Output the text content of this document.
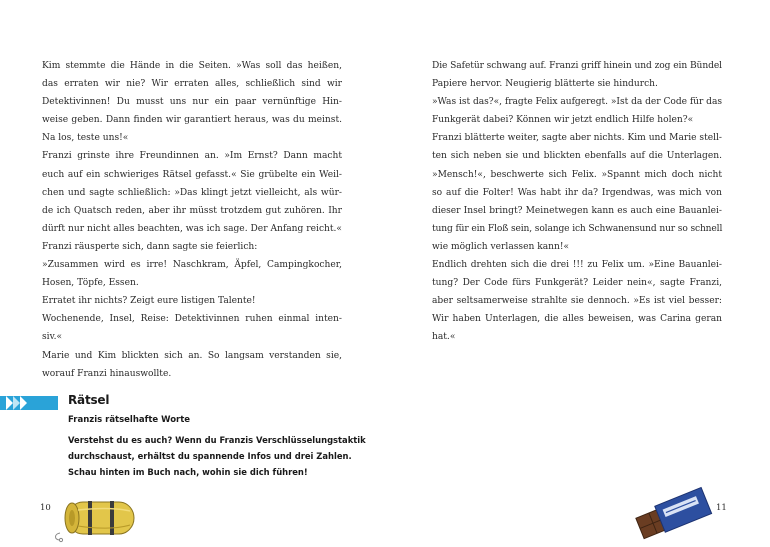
Kim stemmte die Hände in die Seiten. »Was soll das heißen,
das erraten wir nie? Wir erraten alles, schließlich sind wir
Detektivinnen! Du musst uns nur ein paar vernünftige Hin-
weise geben. Dann finden wir garantiert heraus, was du meinst.
Na los, teste uns!«
Franzi grinste ihre Freundinnen an. »Im Ernst? Dann macht
euch auf ein schwieriges Rätsel gefasst.« Sie grübelte ein Weil-
chen und sagte schließlich: »Das klingt jetzt vielleicht, als wür-
de ich Quatsch reden, aber ihr müsst trotzdem gut zuhören. Ihr
dürft nur nicht alles beachten, was ich sage. Der Anfang reicht.«
Franzi räusperte sich, dann sagte sie feierlich:
»Zusammen wird es irre! Naschkram, Äpfel, Campingkocher,
Hosen, Töpfe, Essen.
Erratet ihr nichts? Zeigt eure listigen Talente!
Wochenende, Insel, Reise: Detektivinnen ruhen einmal inten-
siv.«
Marie und Kim blickten sich an. So langsam verstanden sie,
worauf Franzi hinauswollte.
Rätsel
Franzis rätselhafte Worte
Verstehst du es auch? Wenn du Franzis Verschlüsselungstaktik
durchschaust, erhältst du spannende Infos und drei Zahlen.
Schau hinten im Buch nach, wohin sie dich führen!
10
Die Safetür schwang auf. Franzi griff hinein und zog ein Bündel
Papiere hervor. Neugierig blätterte sie hindurch.
»Was ist das?«, fragte Felix aufgeregt. »Ist da der Code für das
Funkgerät dabei? Können wir jetzt endlich Hilfe holen?«
Franzi blätterte weiter, sagte aber nichts. Kim und Marie stell-
ten sich neben sie und blickten ebenfalls auf die Unterlagen.
»Mensch!«, beschwerte sich Felix. »Spannt mich doch nicht
so auf die Folter! Was habt ihr da? Irgendwas, was mich von
dieser Insel bringt? Meinetwegen kann es auch eine Bauanlei-
tung für ein Floß sein, solange ich Schwanensund nur so schnell
wie möglich verlassen kann!«
Endlich drehten sich die drei !!! zu Felix um. »Eine Bauanlei-
tung? Der Code fürs Funkgerät? Leider nein«, sagte Franzi,
aber seltsamerweise strahlte sie dennoch. »Es ist viel besser:
Wir haben Unterlagen, die alles beweisen, was Carina geran
hat.«
11
